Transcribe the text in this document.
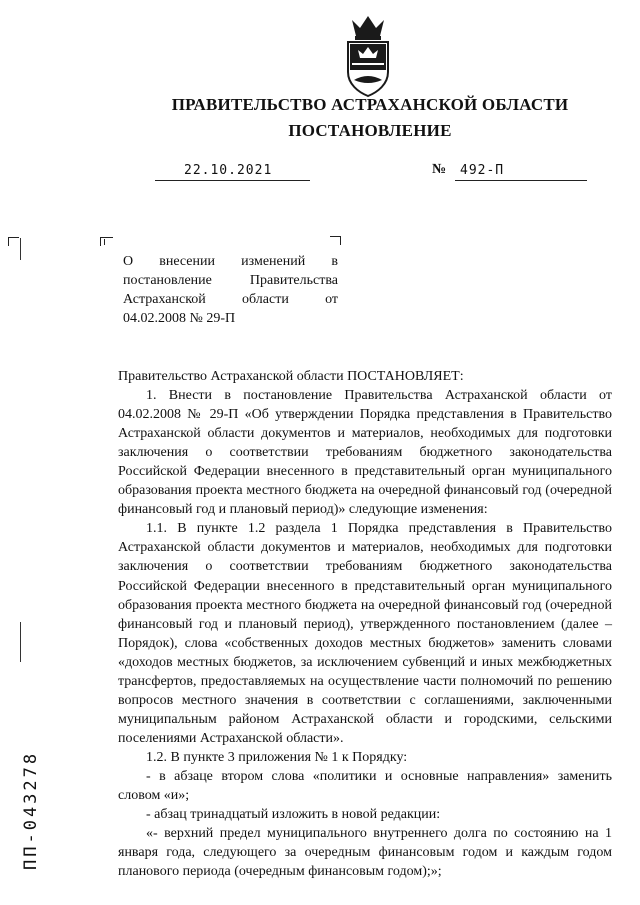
ПРАВИТЕЛЬСТВО АСТРАХАНСКОЙ ОБЛАСТИ
ПОСТАНОВЛЕНИЕ
22.10.2021	№ 492-П

О внесении изменений в постановление Правительства Астраханской области от 04.02.2008 № 29-П

Правительство Астраханской области ПОСТАНОВЛЯЕТ:

1. Внести в постановление Правительства Астраханской области от 04.02.2008 № 29-П «Об утверждении Порядка представления в Правительство Астраханской области документов и материалов, необходимых для подготовки заключения о соответствии требованиям бюджетного законодательства Российской Федерации внесенного в представительный орган муниципального образования проекта местного бюджета на очередной финансовый год (очередной финансовый год и плановый период)» следующие изменения:

1.1. В пункте 1.2 раздела 1 Порядка представления в Правительство Астраханской области документов и материалов, необходимых для подготовки заключения о соответствии требованиям бюджетного законодательства Российской Федерации внесенного в представительный орган муниципального образования проекта местного бюджета на очередной финансовый год (очередной финансовый год и плановый период), утвержденного постановлением (далее – Порядок), слова «собственных доходов местных бюджетов» заменить словами «доходов местных бюджетов, за исключением субвенций и иных межбюджетных трансфертов, предоставляемых на осуществление части полномочий по решению вопросов местного значения в соответствии с соглашениями, заключенными муниципальным районом Астраханской области и городскими, сельскими поселениями Астраханской области».

1.2. В пункте 3 приложения № 1 к Порядку:

- в абзаце втором слова «политики и основные направления» заменить словом «и»;

- абзац тринадцатый изложить в новой редакции:

«- верхний предел муниципального внутреннего долга по состоянию на 1 января года, следующего за очередным финансовым годом и каждым годом планового периода (очередным финансовым годом);»;

ПП-043278
